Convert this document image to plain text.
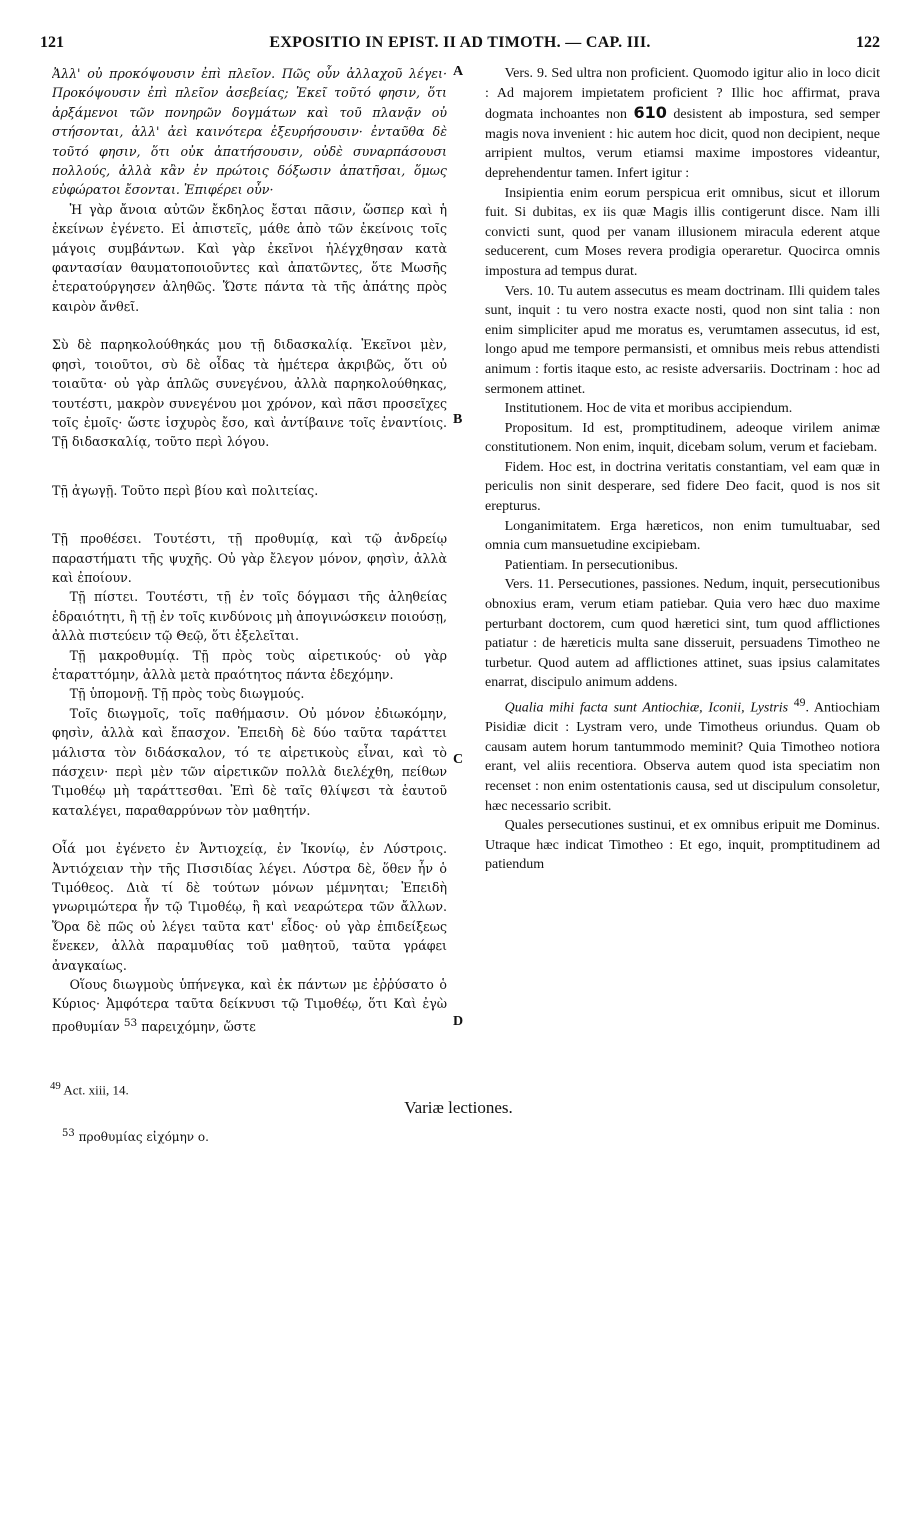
121	EXPOSITIO IN EPIST. II AD TIMOTH. — CAP. III.	122
A
B
C
D

Ἀλλ' οὐ προκόψουσιν ἐπὶ πλεῖον. Πῶς οὖν ἀλλαχοῦ λέγει· Προκόψουσιν ἐπὶ πλεῖον ἀσεβείας; Ἐκεῖ τοῦτό φησιν, ὅτι ἀρξάμενοι τῶν πονηρῶν δογμάτων καὶ τοῦ πλανᾷν οὐ στήσονται, ἀλλ' ἀεὶ καινότερα ἐξευρήσουσιν· ἐνταῦθα δὲ τοῦτό φησιν, ὅτι οὐκ ἀπατήσουσιν, οὐδὲ συναρπάσουσι πολλούς, ἀλλὰ κἂν ἐν πρώτοις δόξωσιν ἀπατῆσαι, ὅμως εὐφώρατοι ἔσονται. Ἐπιφέρει οὖν·

Ἡ γὰρ ἄνοια αὐτῶν ἔκδηλος ἔσται πᾶσιν, ὥσπερ καὶ ἡ ἐκείνων ἐγένετο. Εἰ ἀπιστεῖς, μάθε ἀπὸ τῶν ἐκείνοις τοῖς μάγοις συμβάντων. Καὶ γὰρ ἐκεῖνοι ἠλέγχθησαν κατὰ φαντασίαν θαυματοποιοῦντες καὶ ἀπατῶντες, ὅτε Μωσῆς ἐτερατούργησεν ἀληθῶς. Ὥστε πάντα τὰ τῆς ἀπάτης πρὸς καιρὸν ἄνθεῖ.

Σὺ δὲ παρηκολούθηκάς μου τῇ διδασκαλίᾳ. Ἐκεῖνοι μὲν, φησὶ, τοιοῦτοι, σὺ δὲ οἶδας τὰ ἡμέτερα ἀκριβῶς, ὅτι οὐ τοιαῦτα· οὐ γὰρ ἁπλῶς συνεγένου, ἀλλὰ παρηκολούθηκας, τουτέστι, μακρὸν συνεγένου μοι χρόνον, καὶ πᾶσι προσεῖχες τοῖς ἐμοῖς· ὥστε ἰσχυρὸς ἔσο, καὶ ἀντίβαινε τοῖς ἐναντίοις. Τῇ διδασκαλίᾳ, τοῦτο περὶ λόγου.

Τῇ ἀγωγῇ. Τοῦτο περὶ βίου καὶ πολιτείας.

Τῇ προθέσει. Τουτέστι, τῇ προθυμίᾳ, καὶ τῷ ἀνδρείῳ παραστήματι τῆς ψυχῆς. Οὐ γὰρ ἔλεγον μόνον, φησὶν, ἀλλὰ καὶ ἐποίουν.

Τῇ πίστει. Τουτέστι, τῇ ἐν τοῖς δόγμασι τῆς ἀληθείας ἑδραιότητι, ἢ τῇ ἐν τοῖς κινδύνοις μὴ ἀπογινώσκειν ποιούσῃ, ἀλλὰ πιστεύειν τῷ Θεῷ, ὅτι ἐξελεῖται.

Τῇ μακροθυμίᾳ. Τῇ πρὸς τοὺς αἱρετικούς· οὐ γὰρ ἐταραττόμην, ἀλλὰ μετὰ πραότητος πάντα ἐδεχόμην.

Τῇ ὑπομονῇ. Τῇ πρὸς τοὺς διωγμούς.

Τοῖς διωγμοῖς, τοῖς παθήμασιν. Οὐ μόνον ἐδιωκόμην, φησὶν, ἀλλὰ καὶ ἔπασχον. Ἐπειδὴ δὲ δύο ταῦτα ταράττει μάλιστα τὸν διδάσκαλον, τό τε αἱρετικοὺς εἶναι, καὶ τὸ πάσχειν· περὶ μὲν τῶν αἱρετικῶν πολλὰ διελέχθη, πείθων Τιμοθέῳ μὴ ταράττεσθαι. Ἐπὶ δὲ ταῖς θλίψεσι τὰ ἑαυτοῦ καταλέγει, παραθαρρύνων τὸν μαθητήν.

Οἷά μοι ἐγένετο ἐν Ἀντιοχείᾳ, ἐν Ἰκονίῳ, ἐν Λύστροις. Ἀντιόχειαν τὴν τῆς Πισσιδίας λέγει. Λύστρα δὲ, ὅθεν ἦν ὁ Τιμόθεος. Διὰ τί δὲ τούτων μόνων μέμνηται; Ἐπειδὴ γνωριμώτερα ἦν τῷ Τιμοθέῳ, ἢ καὶ νεαρώτερα τῶν ἄλλων. Ὅρα δὲ πῶς οὐ λέγει ταῦτα κατ' εἶδος· οὐ γὰρ ἐπιδείξεως ἕνεκεν, ἀλλὰ παραμυθίας τοῦ μαθητοῦ, ταῦτα γράφει ἀναγκαίως.

Οἵους διωγμοὺς ὑπήνεγκα, καὶ ἐκ πάντων με ἐῤῥύσατο ὁ Κύριος· Ἀμφότερα ταῦτα δείκνυσι τῷ Τιμοθέῳ, ὅτι Καὶ ἐγὼ προθυμίαν $^{53}$ παρειχόμην, ὥστε

Vers. 9. Sed ultra non proficient. Quomodo igitur alio in loco dicit : Ad majorem impietatem proficient ? Illic hoc affirmat, prava dogmata inchoantes non 610 desistent ab impostura, sed semper magis nova invenient : hic autem hoc dicit, quod non decipient, neque arripient multos, verum etiamsi maxime impostores videantur, deprehendentur tamen. Infert igitur :

Insipientia enim eorum perspicua erit omnibus, sicut et illorum fuit. Si dubitas, ex iis quæ Magis illis contigerunt disce. Nam illi convicti sunt, quod per vanam illusionem miracula ederent atque seducerent, cum Moses revera prodigia operaretur. Quocirca omnis impostura ad tempus durat.

Vers. 10. Tu autem assecutus es meam doctrinam. Illi quidem tales sunt, inquit : tu vero nostra exacte nosti, quod non sint talia : non enim simpliciter apud me moratus es, verumtamen assecutus, id est, longo apud me tempore permansisti, et omnibus meis rebus attendisti animum : fortis itaque esto, ac resiste adversariis. Doctrinam : hoc ad sermonem attinet.

Institutionem. Hoc de vita et moribus accipiendum.

Propositum. Id est, promptitudinem, adeoque virilem animæ constitutionem. Non enim, inquit, dicebam solum, verum et faciebam.

Fidem. Hoc est, in doctrina veritatis constantiam, vel eam quæ in periculis non sinit desperare, sed fidere Deo facit, quod is nos sit erepturus.

Longanimitatem. Erga hæreticos, non enim tumultuabar, sed omnia cum mansuetudine excipiebam.

Patientiam. In persecutionibus.

Vers. 11. Persecutiones, passiones. Nedum, inquit, persecutionibus obnoxius eram, verum etiam patiebar. Quia vero hæc duo maxime perturbant doctorem, cum quod hæretici sint, tum quod afflictiones patiatur : de hæreticis multa sane disseruit, persuadens Timotheo ne turbetur. Quod autem ad afflictiones attinet, suas ipsius calamitates enarrat, discipulo animum addens.

Qualia mihi facta sunt Antiochiæ, Iconii, Lystris $^{49}$. Antiochiam Pisidiæ dicit : Lystram vero, unde Timotheus oriundus. Quam ob causam autem horum tantummodo meminit? Quia Timotheo notiora erant, vel aliis recentiora. Observa autem quod ista speciatim non recenset : non enim ostentationis causa, sed ut discipulum consoletur, hæc necessario scribit.

Quales persecutiones sustinui, et ex omnibus eripuit me Dominus. Utraque hæc indicat Timotheo : Et ego, inquit, promptitudinem ad patiendum

$^{49}$ Act. xiii, 14.
Variæ lectiones.
$^{53}$ προθυμίας εἰχόμην ο.
